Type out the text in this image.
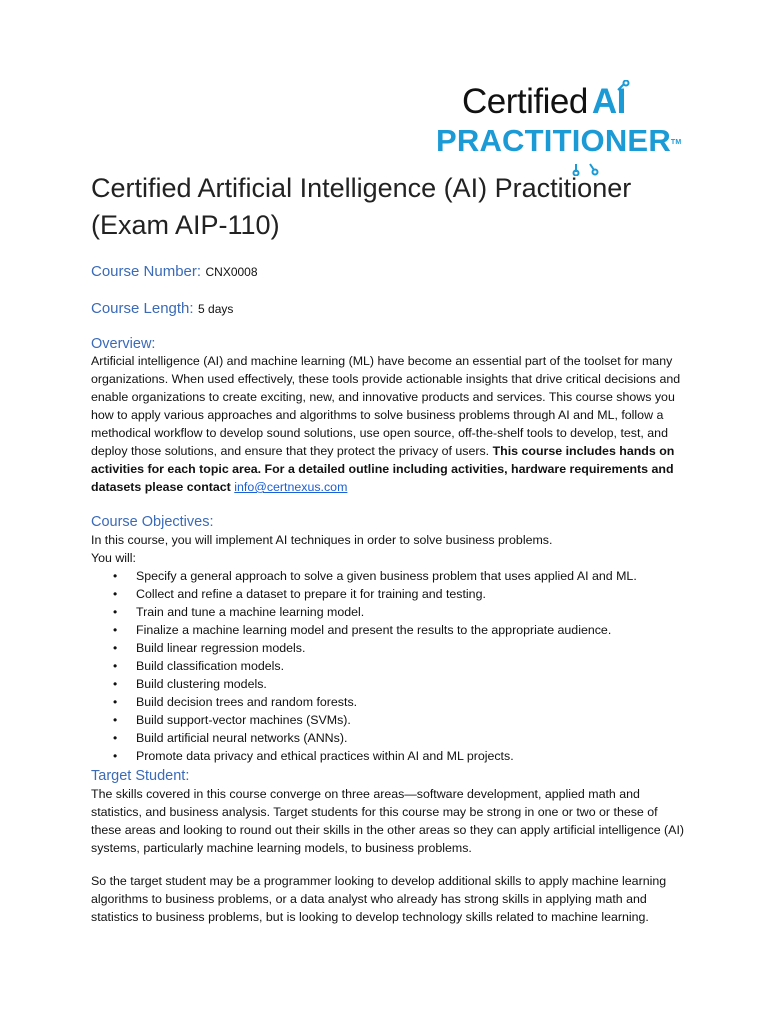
Certified AI
PRACTITIONER™
Certified Artificial Intelligence (AI) Practitioner (Exam AIP-110)
Course Number: CNX0008
Course Length: 5 days
Overview:

Artificial intelligence (AI) and machine learning (ML) have become an essential part of the toolset for many organizations. When used effectively, these tools provide actionable insights that drive critical decisions and enable organizations to create exciting, new, and innovative products and services. This course shows you how to apply various approaches and algorithms to solve business problems through AI and ML, follow a methodical workflow to develop sound solutions, use open source, off-the-shelf tools to develop, test, and deploy those solutions, and ensure that they protect the privacy of users. This course includes hands on activities for each topic area. For a detailed outline including activities, hardware requirements and datasets please contact info@certnexus.com

Course Objectives:

In this course, you will implement AI techniques in order to solve business problems.

You will:

• Specify a general approach to solve a given business problem that uses applied AI and ML.
• Collect and refine a dataset to prepare it for training and testing.
• Train and tune a machine learning model.
• Finalize a machine learning model and present the results to the appropriate audience.
• Build linear regression models.
• Build classification models.
• Build clustering models.
• Build decision trees and random forests.
• Build support-vector machines (SVMs).
• Build artificial neural networks (ANNs).
• Promote data privacy and ethical practices within AI and ML projects.
Target Student:

The skills covered in this course converge on three areas—software development, applied math and statistics, and business analysis. Target students for this course may be strong in one or two or these of these areas and looking to round out their skills in the other areas so they can apply artificial intelligence (AI) systems, particularly machine learning models, to business problems.

So the target student may be a programmer looking to develop additional skills to apply machine learning algorithms to business problems, or a data analyst who already has strong skills in applying math and statistics to business problems, but is looking to develop technology skills related to machine learning.
